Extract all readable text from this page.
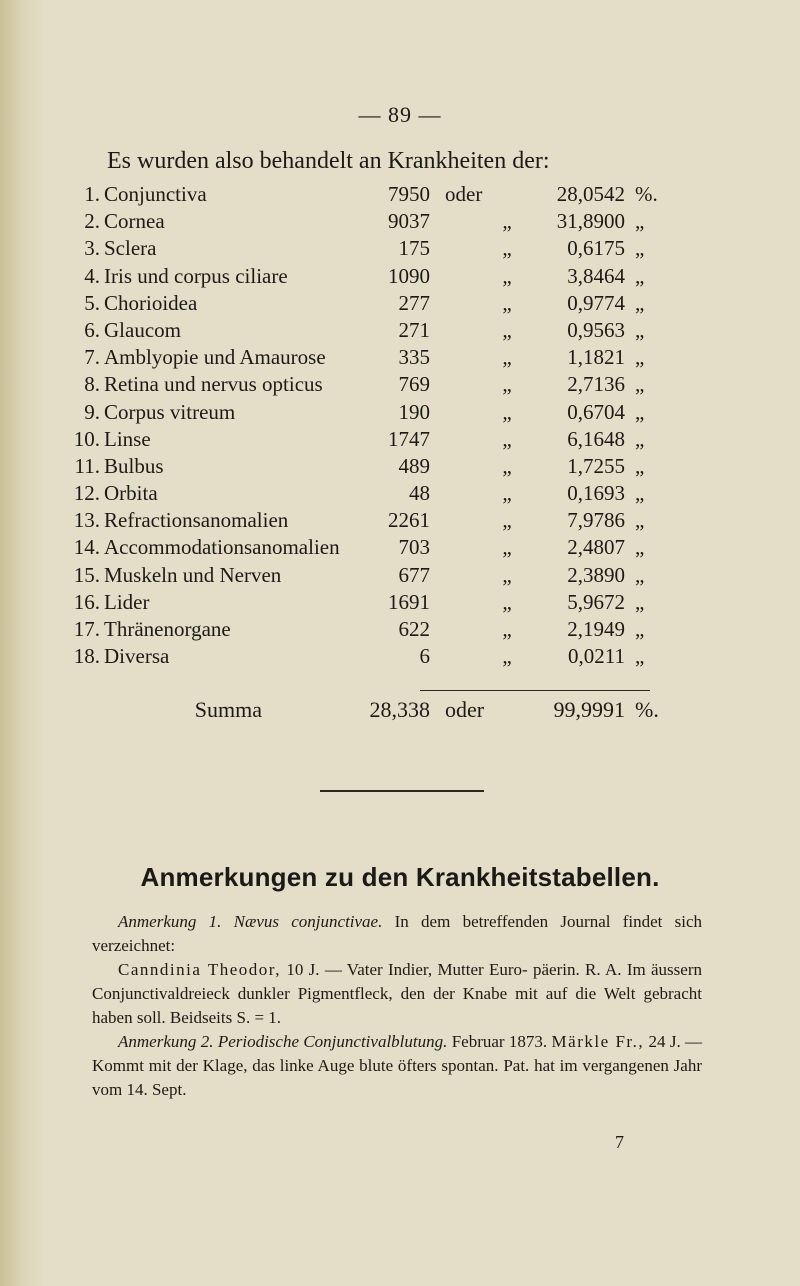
— 89 —
Es wurden also behandelt an Krankheiten der:
1. Conjunctiva	7950 oder	28,0542 %.
2. Cornea	9037	„	31,8900 „
3. Sclera	175	„	0,6175 „
4. Iris und corpus ciliare	1090	„	3,8464 „
5. Chorioidea	277	„	0,9774 „
6. Glaucom	271	„	0,9563 „
7. Amblyopie und Amaurose	335	„	1,1821 „
8. Retina und nervus opticus	769	„	2,7136 „
9. Corpus vitreum	190	„	0,6704 „
10. Linse	1747	„	6,1648 „
11. Bulbus	489	„	1,7255 „
12. Orbita	48	„	0,1693 „
13. Refractionsanomalien	2261	„	7,9786 „
14. Accommodationsanomalien	703	„	2,4807 „
15. Muskeln und Nerven	677	„	2,3890 „
16. Lider	1691	„	5,9672 „
17. Thränenorgane	622	„	2,1949 „
18. Diversa	6	„	0,0211 „
Summa	28,338 oder	99,9991 %.
Anmerkungen zu den Krankheitstabellen.

Anmerkung 1. Nævus conjunctivae. In dem betreffenden Journal findet sich verzeichnet:

Canndinia Theodor, 10 J. — Vater Indier, Mutter Euro- päerin. R. A. Im äussern Conjunctivaldreieck dunkler Pigmentfleck, den der Knabe mit auf die Welt gebracht haben soll. Beidseits S. = 1.

Anmerkung 2. Periodische Conjunctivalblutung. Februar 1873. Märkle Fr., 24 J. — Kommt mit der Klage, das linke Auge blute öfters spontan. Pat. hat im vergangenen Jahr vom 14. Sept.

7
